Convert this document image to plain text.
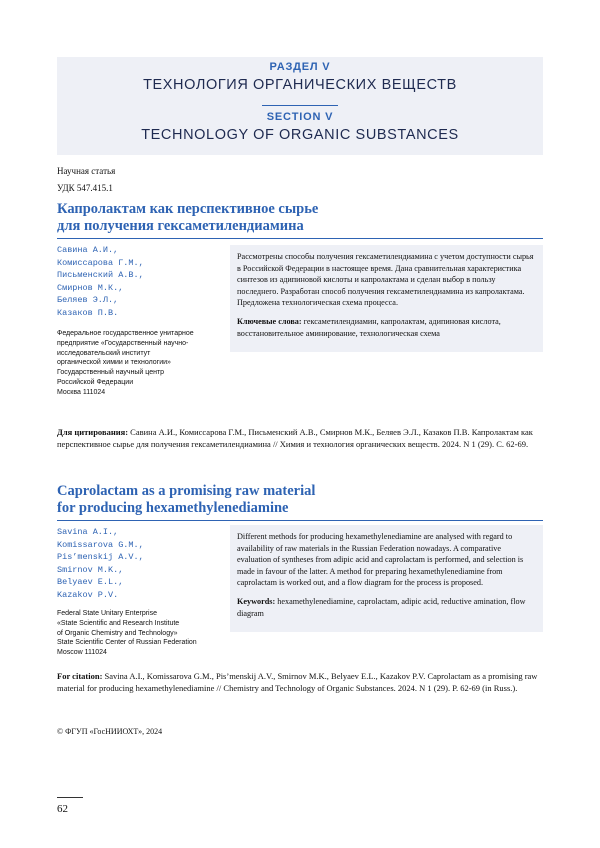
РАЗДЕЛ V
ТЕХНОЛОГИЯ ОРГАНИЧЕСКИХ ВЕЩЕСТВ
SECTION V
TECHNOLOGY OF ORGANIC SUBSTANCES
Научная статья
УДК 547.415.1
Капролактам как перспективное сырье
для получения гексаметилендиамина
Савина А.И.,
Комиссарова Г.М.,
Письменский А.В.,
Смирнов М.К.,
Беляев Э.Л.,
Казаков П.В.
Федеральное государственное унитарное
предприятие «Государственный научно-
исследовательский институт
органической химии и технологии»
Государственный научный центр
Российской Федерации
Москва 111024

Рассмотрены способы получения гексаметилендиамина с учетом доступности сырья в Российской Федерации в настоящее время. Дана сравнительная характеристика синтезов из адипиновой кислоты и капролактама и сделан выбор в пользу последнего. Разработан способ получения гексаметилендиамина из капролактама. Предложена технологическая схема процесса.

Ключевые слова: гексаметилендиамин, капролактам, адипиновая кислота, восстановительное аминирование, технологическая схема

Для цитирования: Савина А.И., Комиссарова Г.М., Письменский А.В., Смирнов М.К., Беляев Э.Л., Казаков П.В. Капролактам как перспективное сырье для получения гексаметилендиамина // Химия и технология органических веществ. 2024. N 1 (29). С. 62-69.
Caprolactam as a promising raw material
for producing hexamethylenediamine
Savina A.I.,
Komissarova G.M.,
Pis’menskij A.V.,
Smirnov M.K.,
Belyaev E.L.,
Kazakov P.V.
Federal State Unitary Enterprise
«State Scientific and Research Institute
of Organic Chemistry and Technology»
State Scientific Center of Russian Federation
Moscow 111024

Different methods for producing hexamethylenediamine are analysed with regard to availability of raw materials in the Russian Federation nowadays. A comparative evaluation of syntheses from adipic acid and caprolactam is performed, and selection is made in favour of the latter. A method for preparing hexamethylenediamine from caprolactam is worked out, and a flow diagram for the process is proposed.

Keywords: hexamethylenediamine, caprolactam, adipic acid, reductive amination, flow diagram

For citation: Savina A.I., Komissarova G.M., Pis’menskij A.V., Smirnov M.K., Belyaev E.L., Kazakov P.V. Caprolactam as a promising raw material for producing hexamethylenediamine // Chemistry and Technology of Organic Substances. 2024. N 1 (29). P. 62-69 (in Russ.).
© ФГУП «ГосНИИОХТ», 2024
62
